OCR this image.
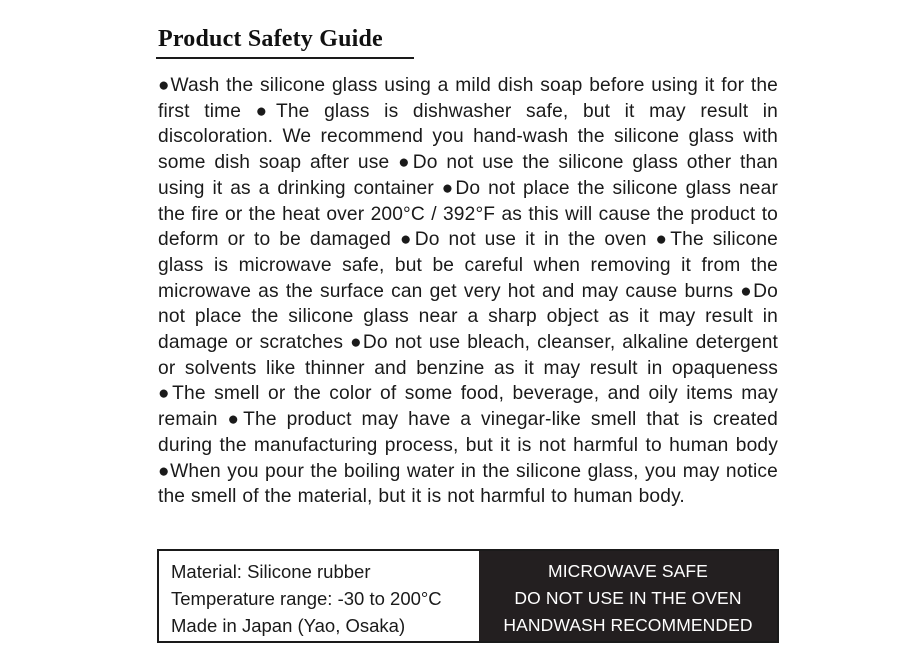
Product Safety Guide
●Wash the silicone glass using a mild dish soap before using it for the first time ●The glass is dishwasher safe, but it may result in discoloration. We recommend you hand-wash the silicone glass with some dish soap after use ●Do not use the silicone glass other than using it as a drinking container ●Do not place the silicone glass near the fire or the heat over 200°C / 392°F as this will cause the product to deform or to be damaged ●Do not use it in the oven ●The silicone glass is microwave safe, but be careful when removing it from the microwave as the surface can get very hot and may cause burns ●Do not place the silicone glass near a sharp object as it may result in damage or scratches ●Do not use bleach, cleanser, alkaline detergent or solvents like thinner and benzine as it may result in opaqueness ●The smell or the color of some food, beverage, and oily items may remain ●The product may have a vinegar-like smell that is created during the manufacturing process, but it is not harmful to human body ●When you pour the boiling water in the silicone glass, you may notice the smell of the material, but it is not harmful to human body.
Material: Silicone rubber
Temperature range: -30 to 200°C
Made in Japan (Yao, Osaka)
MICROWAVE SAFE
DO NOT USE IN THE OVEN
HANDWASH RECOMMENDED
